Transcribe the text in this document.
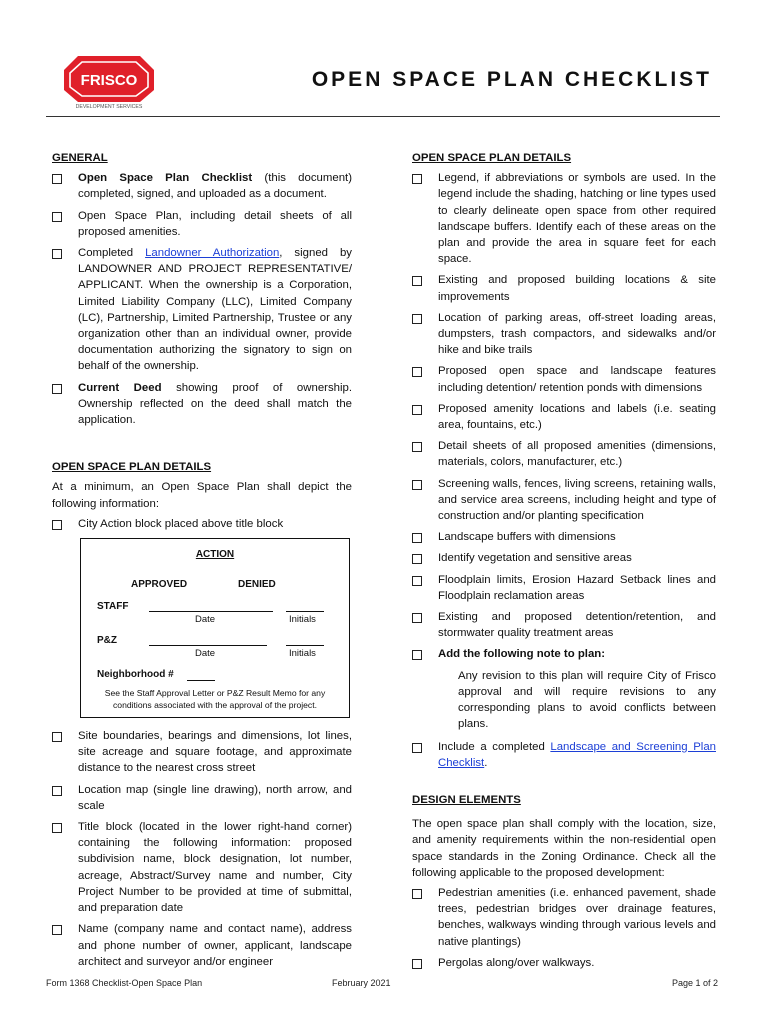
FRISCO
DEVELOPMENT SERVICES
OPEN SPACE PLAN CHECKLIST
GENERAL
Open Space Plan Checklist (this document) completed, signed, and uploaded as a document.
Open Space Plan, including detail sheets of all proposed amenities.
Completed Landowner Authorization, signed by LANDOWNER AND PROJECT REPRESENTATIVE/ APPLICANT. When the ownership is a Corporation, Limited Liability Company (LLC), Limited Company (LC), Partnership, Limited Partnership, Trustee or any organization other than an individual owner, provide documentation authorizing the signatory to sign on behalf of the ownership.
Current Deed showing proof of ownership. Ownership reflected on the deed shall match the application.
OPEN SPACE PLAN DETAILS
At a minimum, an Open Space Plan shall depict the following information:
City Action block placed above title block
ACTION
APPROVED	DENIED
STAFF
Date	Initials
P&Z
Date	Initials
Neighborhood #
See the Staff Approval Letter or P&Z Result Memo for any conditions associated with the approval of the project.
Site boundaries, bearings and dimensions, lot lines, site acreage and square footage, and approximate distance to the nearest cross street
Location map (single line drawing), north arrow, and scale
Title block (located in the lower right-hand corner) containing the following information: proposed subdivision name, block designation, lot number, acreage, Abstract/Survey name and number, City Project Number to be provided at time of submittal, and preparation date
Name (company name and contact name), address and phone number of owner, applicant, landscape architect and surveyor and/or engineer
OPEN SPACE PLAN DETAILS
Legend, if abbreviations or symbols are used. In the legend include the shading, hatching or line types used to clearly delineate open space from other required landscape buffers. Identify each of these areas on the plan and provide the area in square feet for each space.
Existing and proposed building locations & site improvements
Location of parking areas, off-street loading areas, dumpsters, trash compactors, and sidewalks and/or hike and bike trails
Proposed open space and landscape features including detention/ retention ponds with dimensions
Proposed amenity locations and labels (i.e. seating area, fountains, etc.)
Detail sheets of all proposed amenities (dimensions, materials, colors, manufacturer, etc.)
Screening walls, fences, living screens, retaining walls, and service area screens, including height and type of construction and/or planting specification
Landscape buffers with dimensions
Identify vegetation and sensitive areas
Floodplain limits, Erosion Hazard Setback lines and Floodplain reclamation areas
Existing and proposed detention/retention, and stormwater quality treatment areas
Add the following note to plan:
Any revision to this plan will require City of Frisco approval and will require revisions to any corresponding plans to avoid conflicts between plans.
Include a completed Landscape and Screening Plan Checklist.
DESIGN ELEMENTS
The open space plan shall comply with the location, size, and amenity requirements within the non-residential open space standards in the Zoning Ordinance. Check all the following applicable to the proposed development:
Pedestrian amenities (i.e. enhanced pavement, shade trees, pedestrian bridges over drainage features, benches, walkways winding through various levels and native plantings)
Pergolas along/over walkways.
Form 1368 Checklist-Open Space Plan	February 2021	Page 1 of 2
